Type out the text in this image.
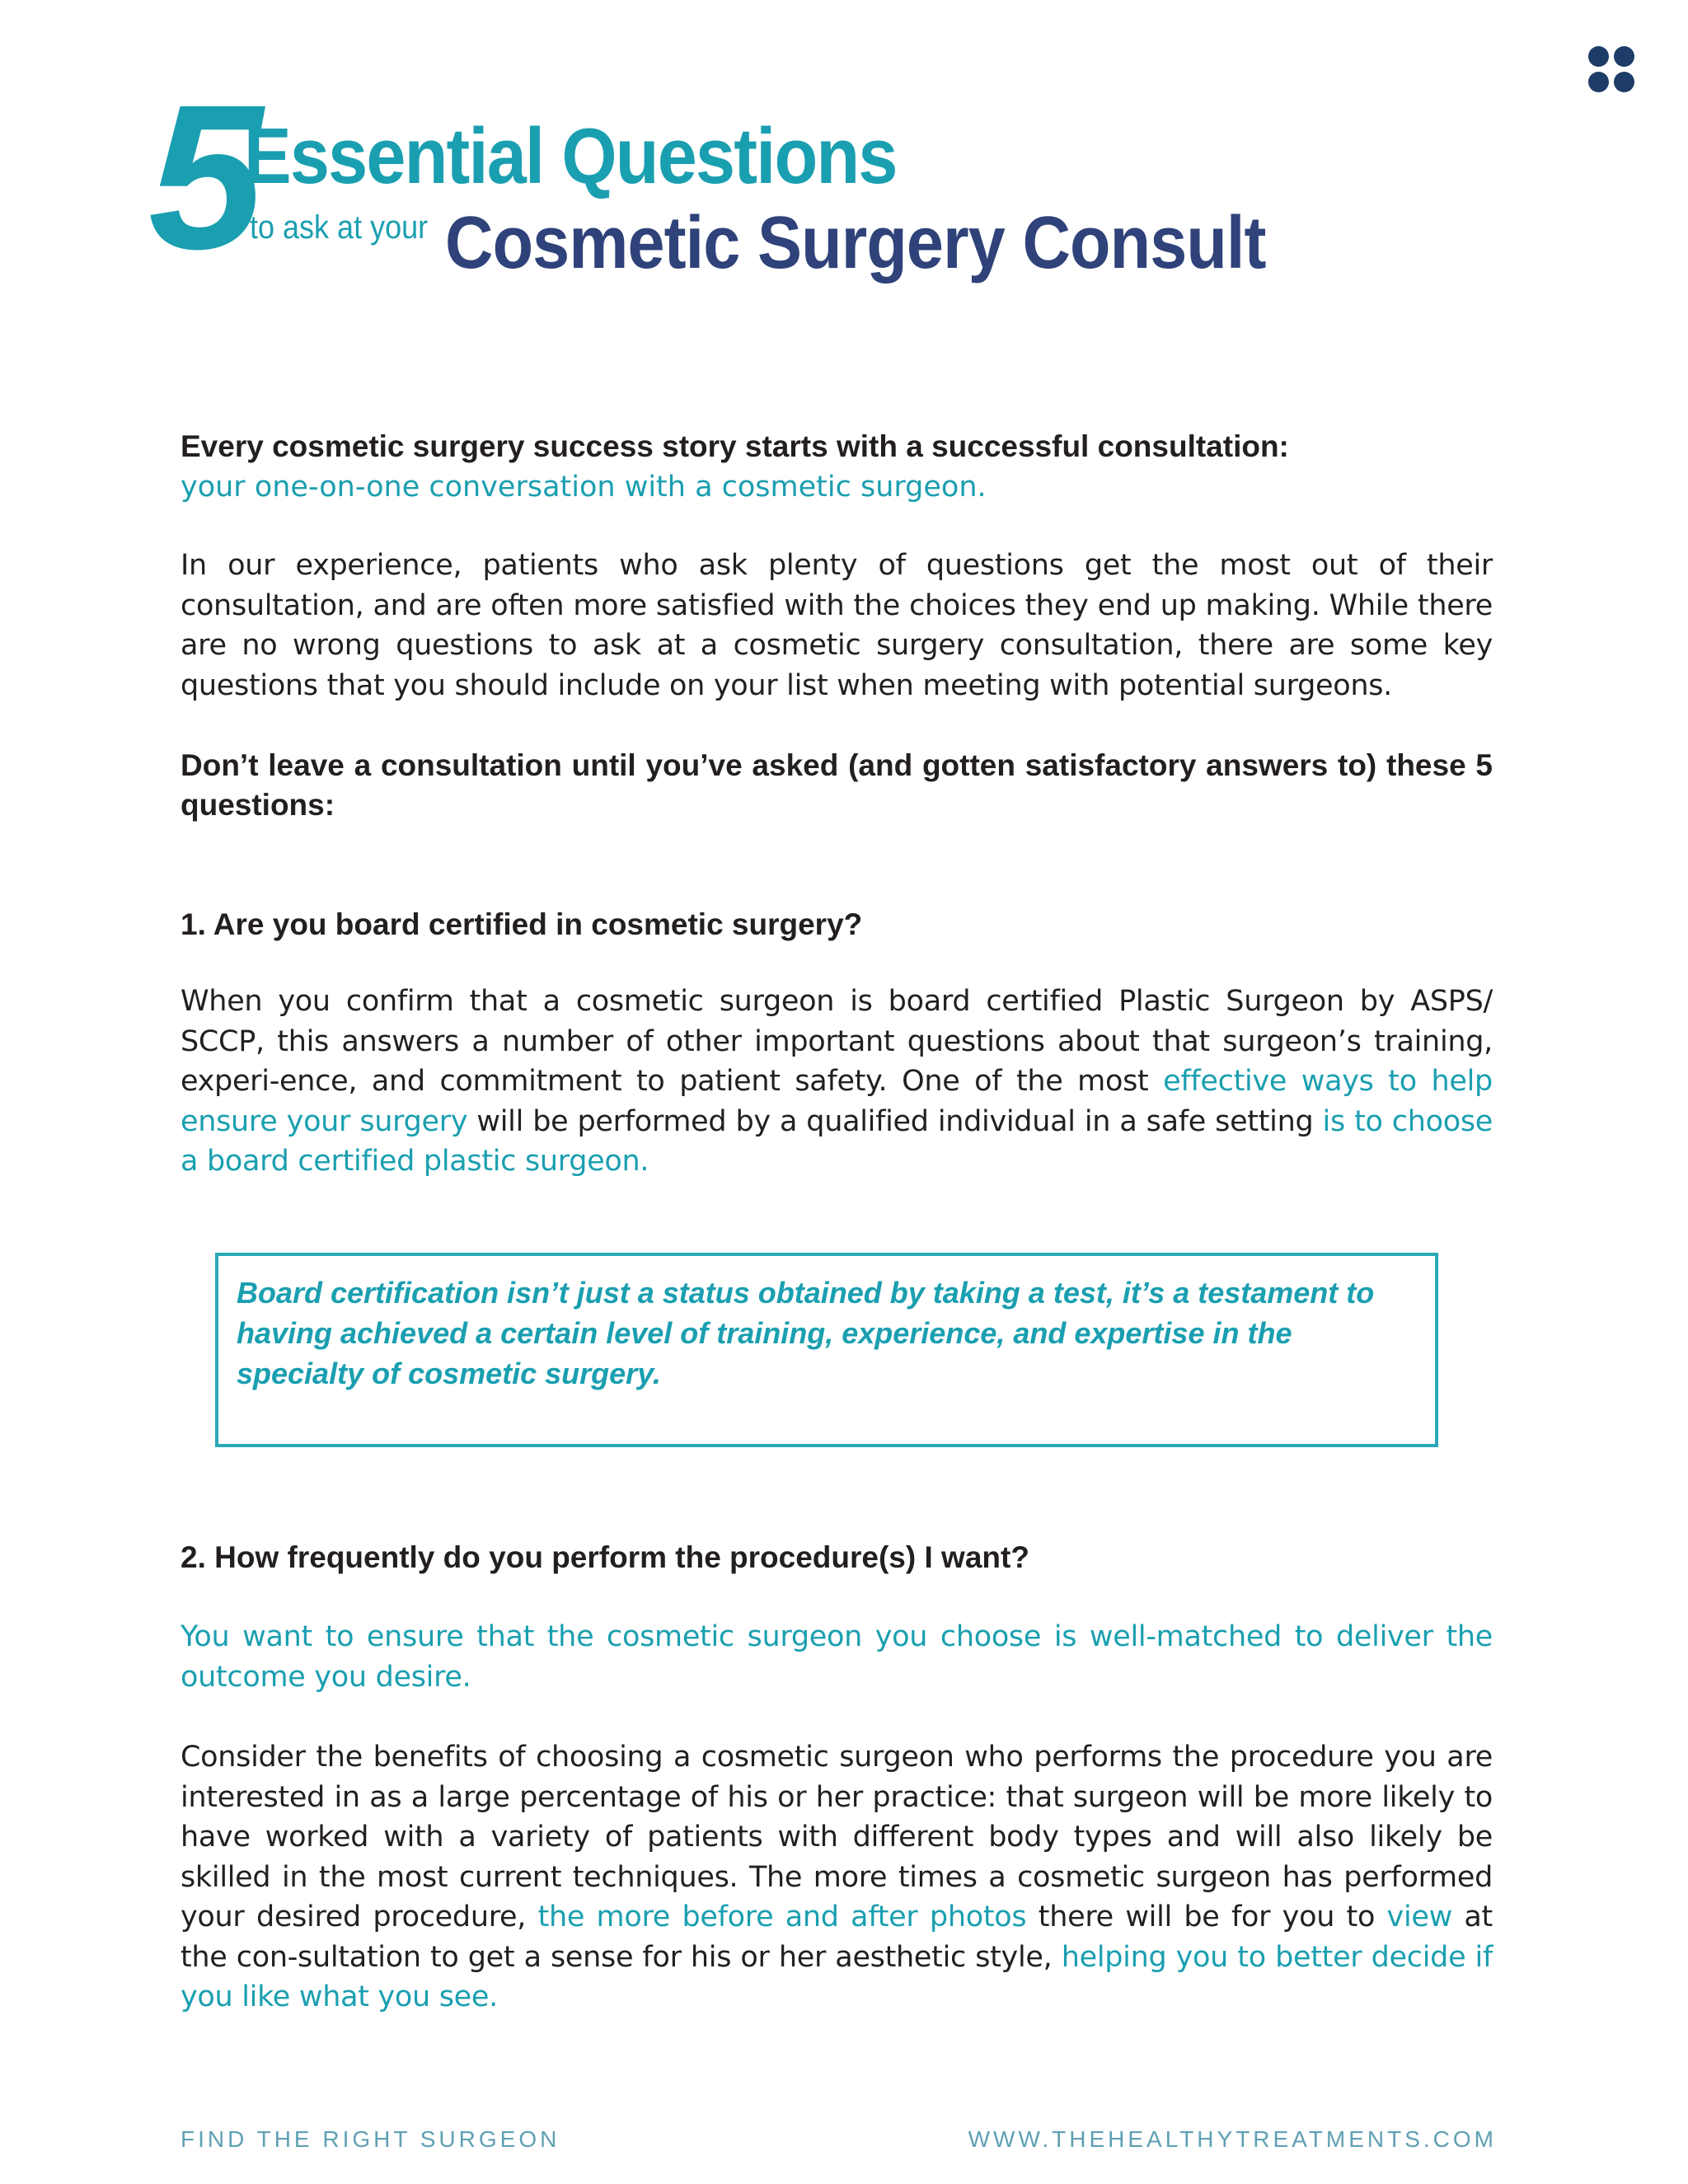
5
Essential Questions
to ask at your Cosmetic Surgery Consult
Every cosmetic surgery success story starts with a successful consultation:
your one-on-one conversation with a cosmetic surgeon.
In our experience, patients who ask plenty of questions get the most out of their consultation, and are often more satisfied with the choices they end up making. While there are no wrong questions to ask at a cosmetic surgery consultation, there are some key questions that you should include on your list when meeting with potential surgeons.
Don’t leave a consultation until you’ve asked (and gotten satisfactory answers to) these 5 questions:
1. Are you board certified in cosmetic surgery?
When you confirm that a cosmetic surgeon is board certified Plastic Surgeon by ASPS/ SCCP, this answers a number of other important questions about that surgeon’s training, experi-ence, and commitment to patient safety. One of the most effective ways to help ensure your surgery will be performed by a qualified individual in a safe setting is to choose a board certified plastic surgeon.
Board certification isn’t just a status obtained by taking a test, it’s a testament to having achieved a certain level of training, experience, and expertise in the specialty of cosmetic surgery.
2. How frequently do you perform the procedure(s) I want?
You want to ensure that the cosmetic surgeon you choose is well-matched to deliver the outcome you desire.
Consider the benefits of choosing a cosmetic surgeon who performs the procedure you are interested in as a large percentage of his or her practice: that surgeon will be more likely to have worked with a variety of patients with different body types and will also likely be skilled in the most current techniques. The more times a cosmetic surgeon has performed your desired procedure, the more before and after photos there will be for you to view at the con-sultation to get a sense for his or her aesthetic style, helping you to better decide if you like what you see.
FIND THE RIGHT SURGEON	WWW.THEHEALTHYTREATMENTS.COM
